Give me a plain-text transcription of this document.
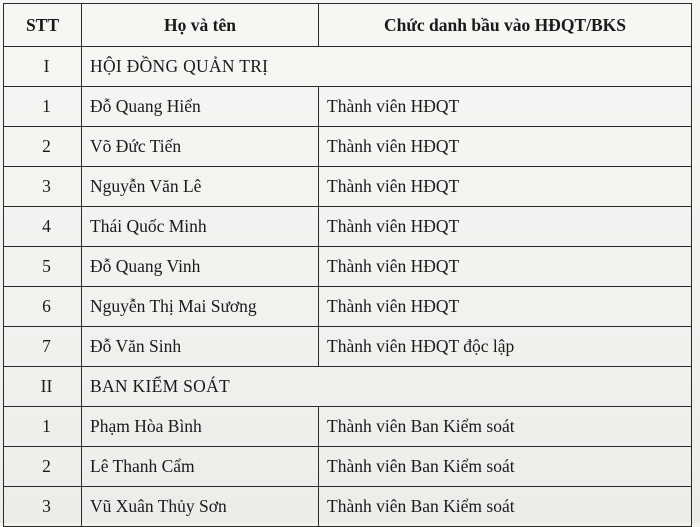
STT	Họ và tên	Chức danh bầu vào HĐQT/BKS
I	HỘI ĐỒNG QUẢN TRỊ	
1	Đỗ Quang Hiển	Thành viên HĐQT
2	Võ Đức Tiến	Thành viên HĐQT
3	Nguyễn Văn Lê	Thành viên HĐQT
4	Thái Quốc Minh	Thành viên HĐQT
5	Đỗ Quang Vinh	Thành viên HĐQT
6	Nguyễn Thị Mai Sương	Thành viên HĐQT
7	Đỗ Văn Sinh	Thành viên HĐQT độc lập
II	BAN KIỂM SOÁT	
1	Phạm Hòa Bình	Thành viên Ban Kiểm soát
2	Lê Thanh Cẩm	Thành viên Ban Kiểm soát
3	Vũ Xuân Thủy Sơn	Thành viên Ban Kiểm soát
